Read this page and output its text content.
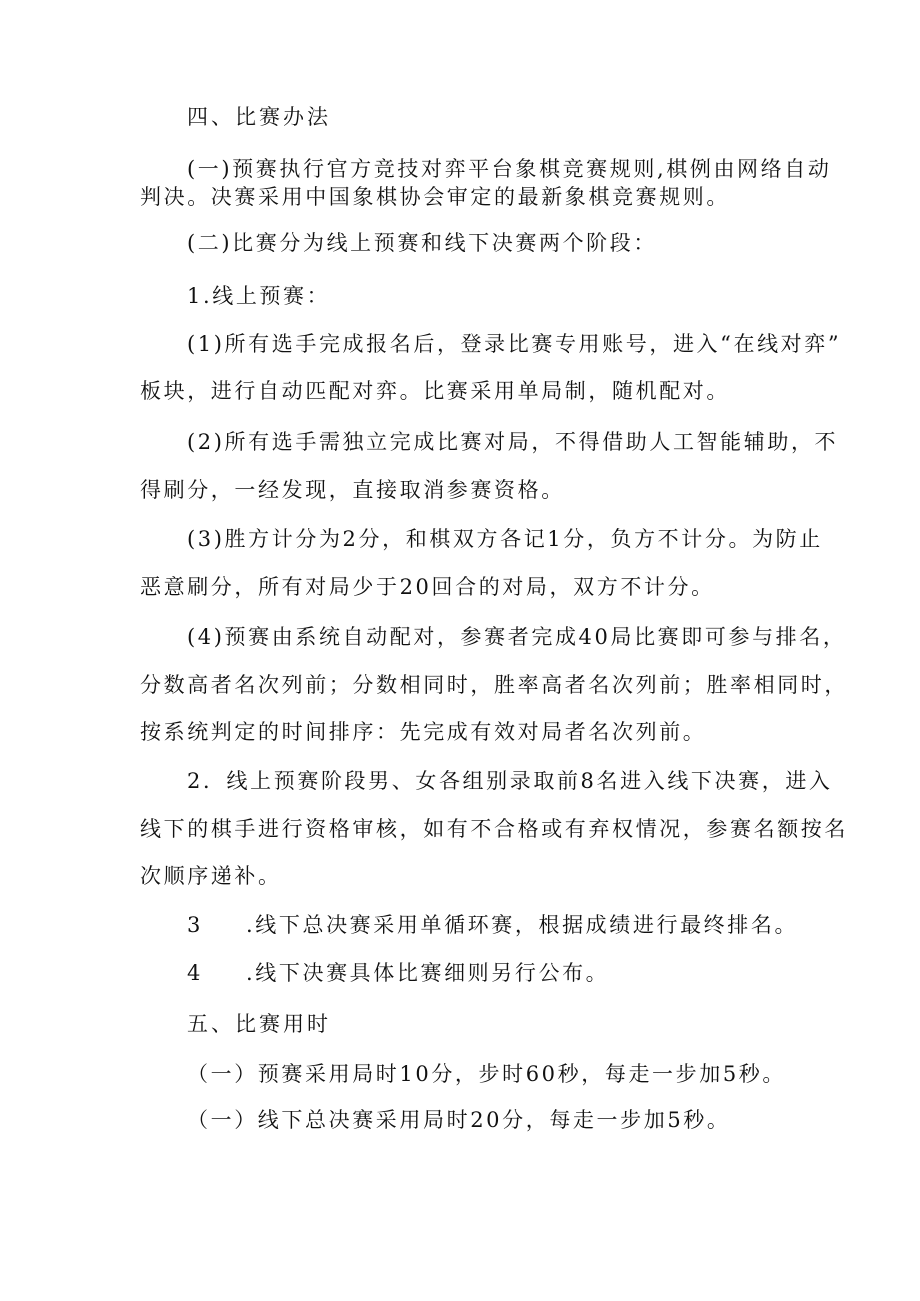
四、比赛办法
(一)预赛执行官方竞技对弈平台象棋竞赛规则,棋例由网络自动
判决。决赛采用中国象棋协会审定的最新象棋竞赛规则。
(二)比赛分为线上预赛和线下决赛两个阶段：
1.线上预赛：
(1)所有选手完成报名后，登录比赛专用账号，进入“在线对弈”
板块，进行自动匹配对弈。比赛采用单局制，随机配对。
(2)所有选手需独立完成比赛对局，不得借助人工智能辅助，不
得刷分，一经发现，直接取消参赛资格。
(3)胜方计分为2分，和棋双方各记1分，负方不计分。为防止
恶意刷分，所有对局少于20回合的对局，双方不计分。
(4)预赛由系统自动配对，参赛者完成40局比赛即可参与排名，
分数高者名次列前；分数相同时，胜率高者名次列前；胜率相同时，
按系统判定的时间排序：先完成有效对局者名次列前。
2．线上预赛阶段男、女各组别录取前8名进入线下决赛，进入
线下的棋手进行资格审核，如有不合格或有弃权情况，参赛名额按名
次顺序递补。
3 .线下总决赛采用单循环赛，根据成绩进行最终排名。
4 .线下决赛具体比赛细则另行公布。
五、比赛用时
（一）预赛采用局时10分，步时60秒，每走一步加5秒。
（一）线下总决赛采用局时20分，每走一步加5秒。
